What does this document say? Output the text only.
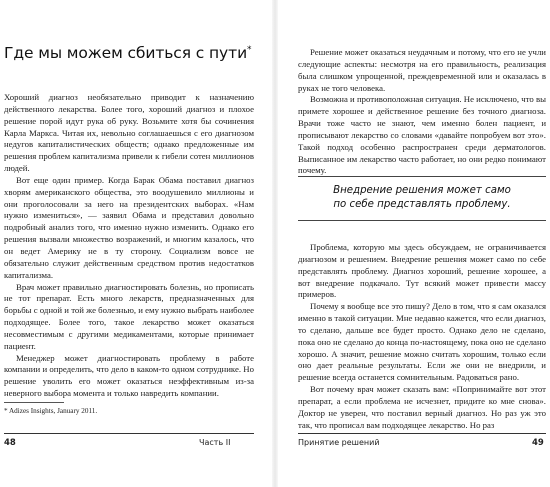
Где мы можем сбиться с пути*

Хороший диагноз необязательно приводит к назначению действенного лекарства. Более того, хороший диагноз и плохое решение порой идут рука об руку. Возьмите хотя бы сочинения Карла Маркса. Читая их, невольно соглашаешься с его диагнозом недугов капиталистических обществ; однако предложенные им решения проблем капитализма привели к гибели сотен миллионов людей.

Вот еще один пример. Когда Барак Обама поставил диагноз хворям американского общества, это воодушевило миллионы и они проголосовали за него на президентских выборах. «Нам нужно измениться», — заявил Обама и представил довольно подробный анализ того, что именно нужно изменить. Однако его решения вызвали множество возражений, и многим казалось, что он ведет Америку не в ту сторону. Социализм вовсе не обязательно служит действенным средством против недостатков капитализма.

Врач может правильно диагностировать болезнь, но прописать не тот препарат. Есть много лекарств, предназначенных для борьбы с одной и той же болезнью, и ему нужно выбрать наиболее подходящее. Более того, такое лекарство может оказаться несовместимым с другими медикаментами, которые принимает пациент.

Менеджер может диагностировать проблему в работе компании и определить, что дело в каком-то одном сотруднике. Но решение уволить его может оказаться неэффективным из-за неверного выбора момента и только навредить компании.

* Adizes Insights, January 2011.
48	Часть II

Решение может оказаться неудачным и потому, что его не учли следующие аспекты: несмотря на его правильность, реализация была слишком упрощенной, преждевременной или и оказалась в руках не того человека.

Возможна и противоположная ситуация. Не исключено, что вы примете хорошее и действенное решение без точного диагноза. Врачи тоже часто не знают, чем именно болен пациент, и прописывают лекарство со словами «давайте попробуем вот это». Такой подход особенно распространен среди дерматологов. Выписанное им лекарство часто работает, но они редко понимают почему.

Внедрение решения может само
по себе представлять проблему.

Проблема, которую мы здесь обсуждаем, не ограничивается диагнозом и решением. Внедрение решения может само по себе представлять проблему. Диагноз хороший, решение хорошее, а вот внедрение подкачало. Тут всякий может привести массу примеров.

Почему я вообще все это пишу? Дело в том, что я сам оказался именно в такой ситуации. Мне недавно кажется, что если диагноз, то сделано, дальше все будет просто. Однако дело не сделано, пока оно не сделано до конца по-настоящему, пока оно не сделано хорошо. А значит, решение можно считать хорошим, только если оно дает реальные результаты. Если же они не внедрили, и решение всегда останется сомнительным. Радоваться рано.

Вот почему врач может сказать вам: «Попринимайте вот этот препарат, а если проблема не исчезнет, придите ко мне снова». Доктор не уверен, что поставил верный диагноз. Но раз уж это так, что прописал вам подходящее лекарство. Но раз

Принятие решений	49
